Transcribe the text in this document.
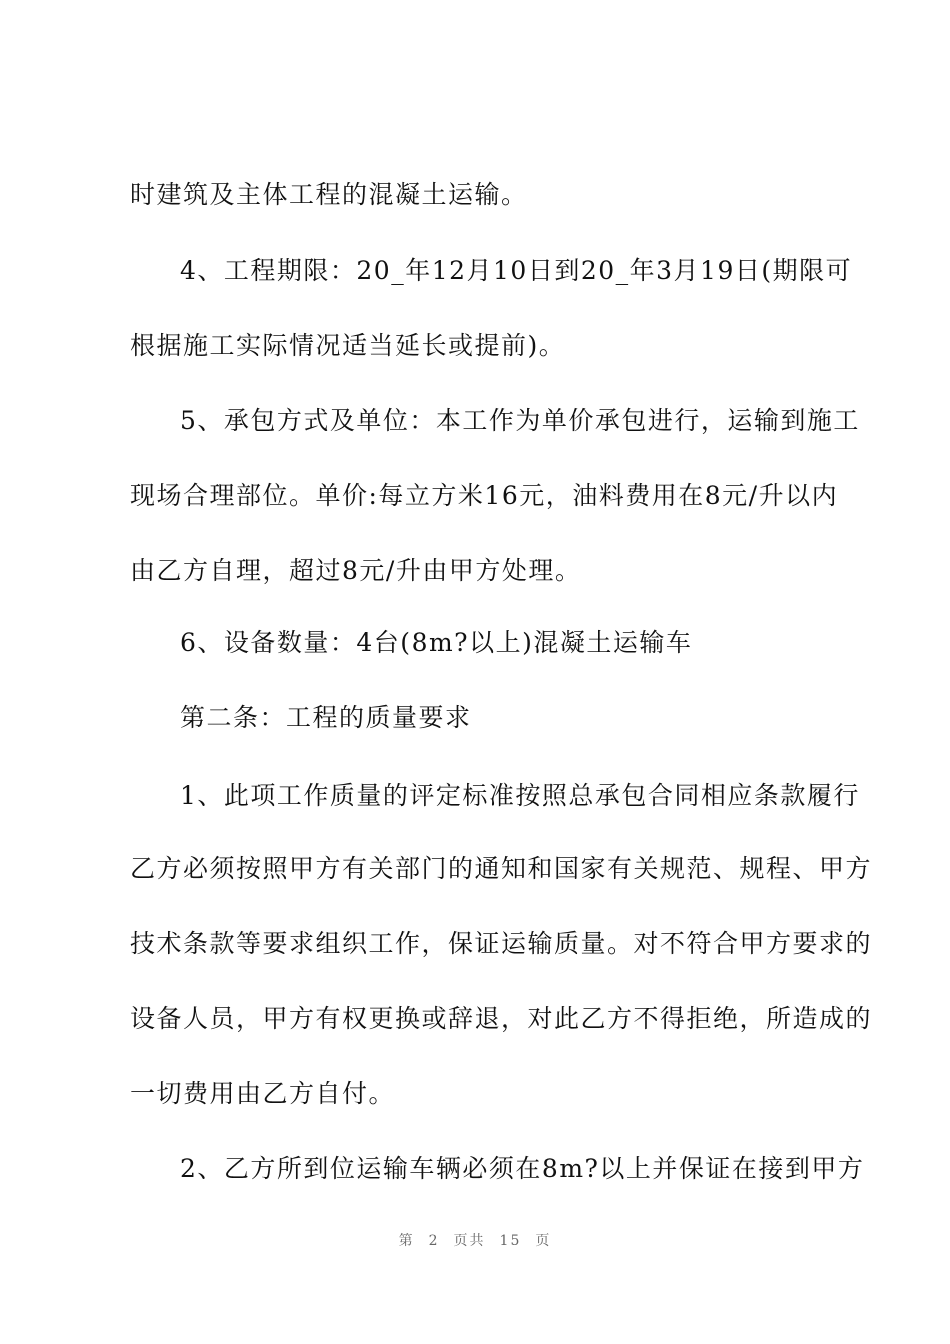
时建筑及主体工程的混凝土运输。
4、工程期限：20_年12月10日到20_年3月19日(期限可
根据施工实际情况适当延长或提前)。
5、承包方式及单位：本工作为单价承包进行，运输到施工
现场合理部位。单价:每立方米16元，油料费用在8元/升以内
由乙方自理，超过8元/升由甲方处理。
6、设备数量：4台(8m?以上)混凝土运输车
第二条：工程的质量要求
1、此项工作质量的评定标准按照总承包合同相应条款履行
乙方必须按照甲方有关部门的通知和国家有关规范、规程、甲方
技术条款等要求组织工作，保证运输质量。对不符合甲方要求的
设备人员，甲方有权更换或辞退，对此乙方不得拒绝，所造成的
一切费用由乙方自付。
2、乙方所到位运输车辆必须在8m?以上并保证在接到甲方
第 2 页共 15 页
